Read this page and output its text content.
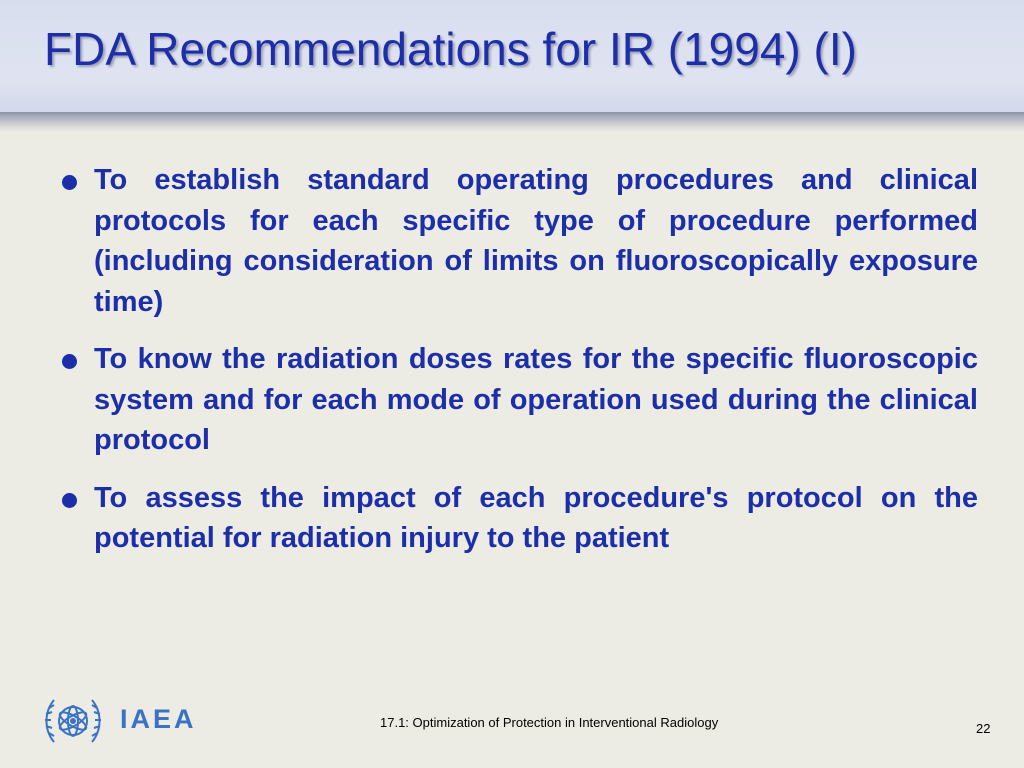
FDA Recommendations for IR (1994) (I)
To establish standard operating procedures and clinical protocols for each specific type of procedure performed (including consideration of limits on fluoroscopically exposure time)
To know the radiation doses rates for the specific fluoroscopic system and for each mode of operation used during the clinical protocol
To assess the impact of each procedure's protocol on the potential for radiation injury to the patient
IAEA	17.1: Optimization of Protection in Interventional Radiology	22
